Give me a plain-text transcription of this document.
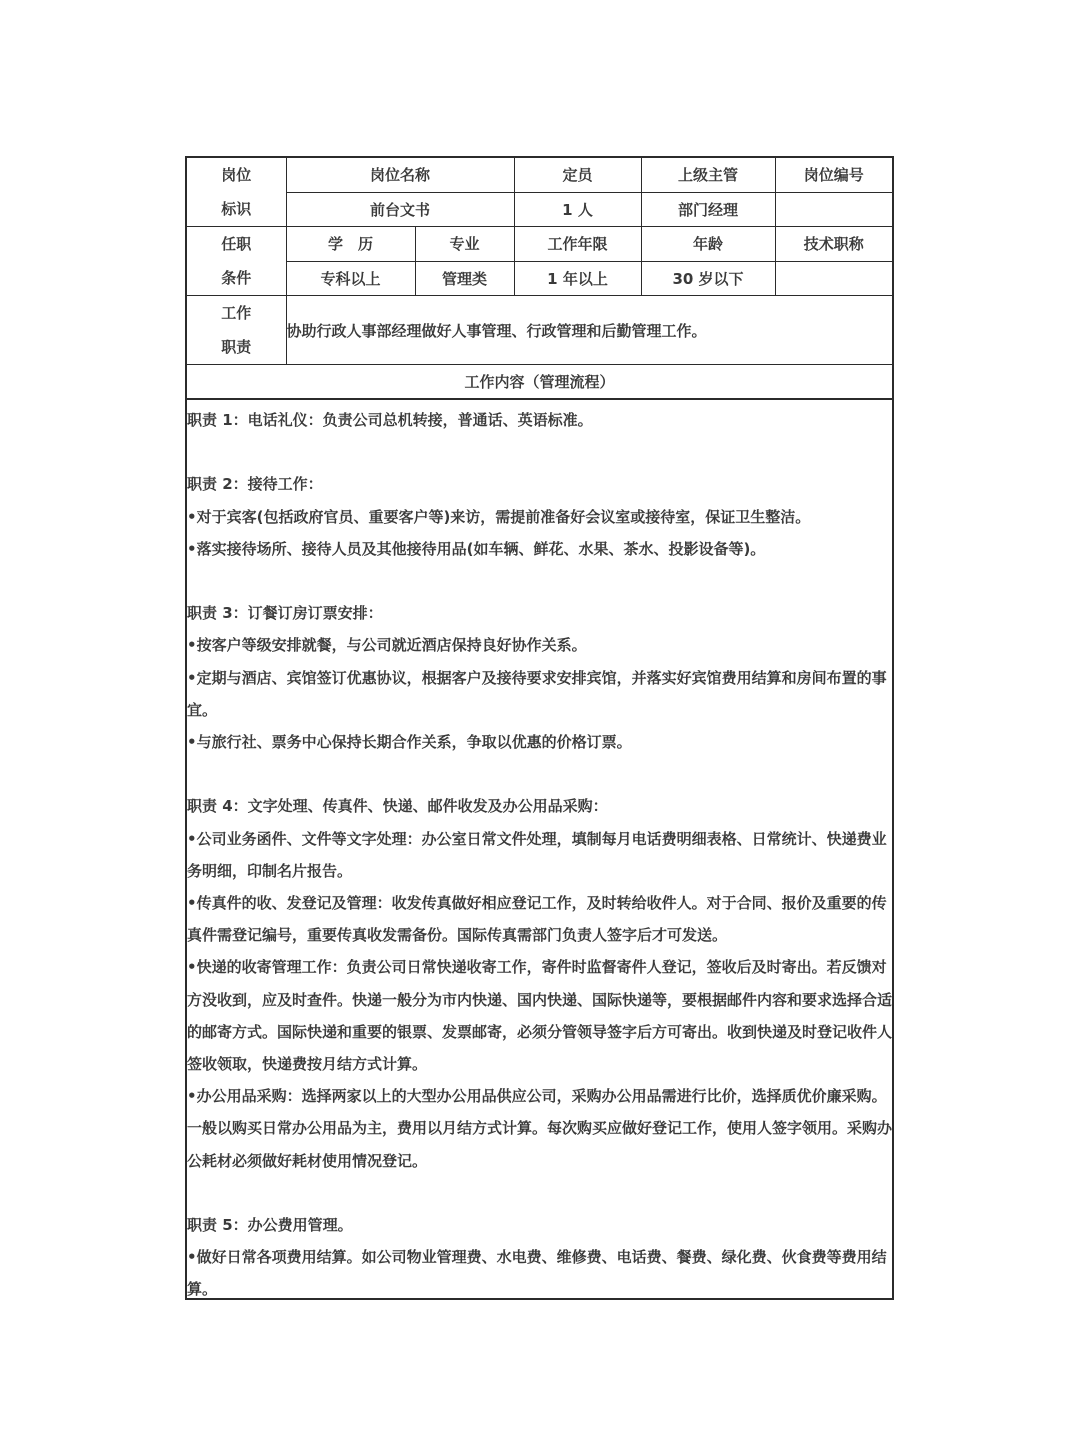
岗位
标识	岗位名称		定员	上级主管	岗位编号
	前台文书		1 人	部门经理	

任职
条件	学　历	专业	工作年限	年龄	技术职称
	专科以上	管理类	1 年以上	30 岁以下	

工作
职责	协助行政人事部经理做好人事管理、行政管理和后勤管理工作。				
工作内容（管理流程）					

职责 1：电话礼仪：负责公司总机转接，普通话、英语标准。

职责 2：接待工作：

•对于宾客(包括政府官员、重要客户等)来访，需提前准备好会议室或接待室，保证卫生整洁。

•落实接待场所、接待人员及其他接待用品(如车辆、鲜花、水果、茶水、投影设备等)。

职责 3：订餐订房订票安排：

•按客户等级安排就餐，与公司就近酒店保持良好协作关系。

•定期与酒店、宾馆签订优惠协议，根据客户及接待要求安排宾馆，并落实好宾馆费用结算和房间布置的事宜。

•与旅行社、票务中心保持长期合作关系，争取以优惠的价格订票。

职责 4：文字处理、传真件、快递、邮件收发及办公用品采购：

•公司业务函件、文件等文字处理：办公室日常文件处理，填制每月电话费明细表格、日常统计、快递费业务明细，印制名片报告。

•传真件的收、发登记及管理：收发传真做好相应登记工作，及时转给收件人。对于合同、报价及重要的传真件需登记编号，重要传真收发需备份。国际传真需部门负责人签字后才可发送。

•快递的收寄管理工作：负责公司日常快递收寄工作，寄件时监督寄件人登记，签收后及时寄出。若反馈对方没收到，应及时查件。快递一般分为市内快递、国内快递、国际快递等，要根据邮件内容和要求选择合适的邮寄方式。国际快递和重要的银票、发票邮寄，必须分管领导签字后方可寄出。收到快递及时登记收件人签收领取，快递费按月结方式计算。

•办公用品采购：选择两家以上的大型办公用品供应公司，采购办公用品需进行比价，选择质优价廉采购。一般以购买日常办公用品为主，费用以月结方式计算。每次购买应做好登记工作，使用人签字领用。采购办公耗材必须做好耗材使用情况登记。

职责 5：办公费用管理。

•做好日常各项费用结算。如公司物业管理费、水电费、维修费、电话费、餐费、绿化费、伙食费等费用结算。
